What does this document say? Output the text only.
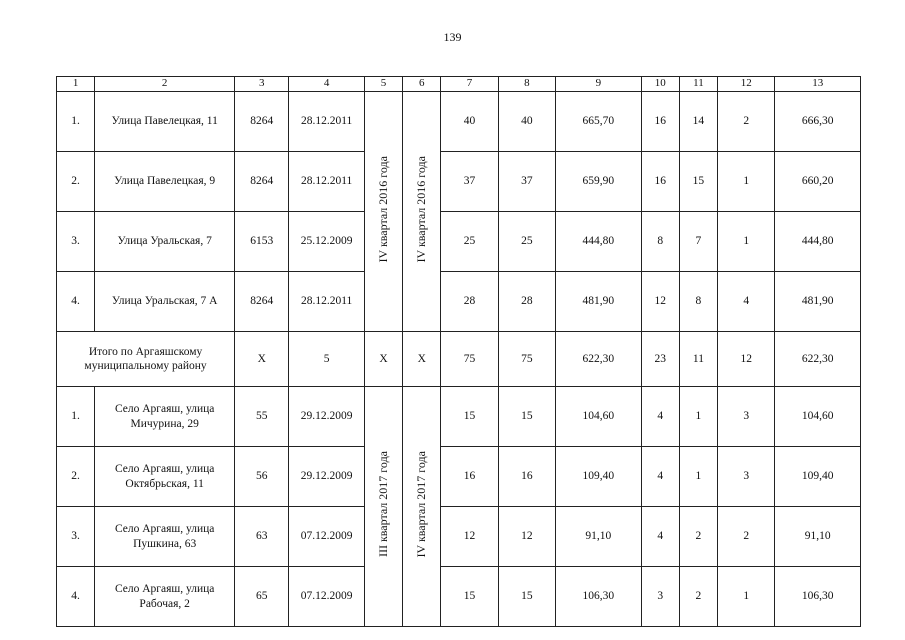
139
1	2	3	4	5	6	7	8	9	10	11	12	13
1.	Улица Павелецкая, 11	8264	28.12.2011	IV квартал 2016 года	IV квартал 2016 года	40	40	665,70	16	14	2	666,30
2.	Улица Павелецкая, 9	8264	28.12.2011			37	37	659,90	16	15	1	660,20
3.	Улица Уральская, 7	6153	25.12.2009			25	25	444,80	8	7	1	444,80
4.	Улица Уральская, 7 А	8264	28.12.2011			28	28	481,90	12	8	4	481,90
Итого по Аргаяшскому
муниципальному району		X	5	X	X	75	75	622,30	23	11	12	622,30
1.	Село Аргаяш, улица
Мичурина, 29	55	29.12.2009	III квартал 2017 года	IV квартал 2017 года	15	15	104,60	4	1	3	104,60
2.	Село Аргаяш, улица
Октябрьская, 11	56	29.12.2009			16	16	109,40	4	1	3	109,40
3.	Село Аргаяш, улица
Пушкина, 63	63	07.12.2009			12	12	91,10	4	2	2	91,10
4.	Село Аргаяш, улица
Рабочая, 2	65	07.12.2009			15	15	106,30	3	2	1	106,30
